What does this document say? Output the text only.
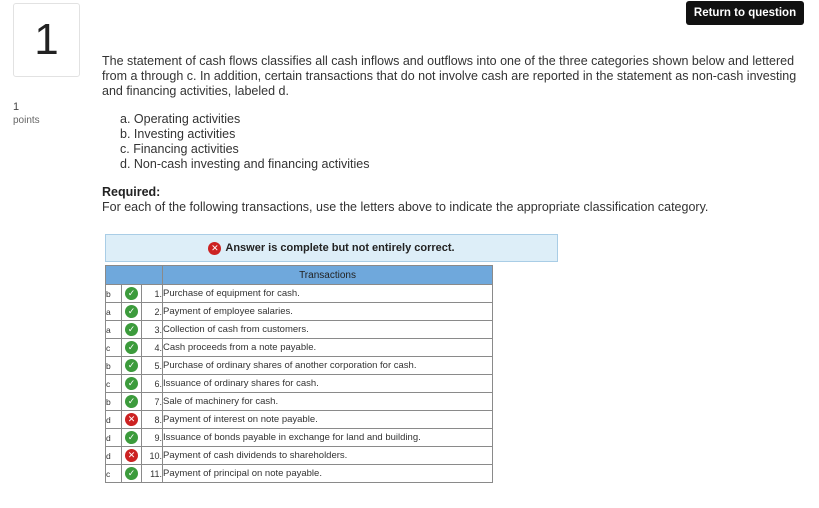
1
1
points
Return to question
The statement of cash flows classifies all cash inflows and outflows into one of the three categories shown below and lettered from a through c. In addition, certain transactions that do not involve cash are reported in the statement as non-cash investing and financing activities, labeled d.
a. Operating activities
b. Investing activities
c. Financing activities
d. Non-cash investing and financing activities
Required:
For each of the following transactions, use the letters above to indicate the appropriate classification category.
✕ Answer is complete but not entirely correct.
			Transactions
b	✓	1.	Purchase of equipment for cash.
a	✓	2.	Payment of employee salaries.
a	✓	3.	Collection of cash from customers.
c	✓	4.	Cash proceeds from a note payable.
b	✓	5.	Purchase of ordinary shares of another corporation for cash.
c	✓	6.	Issuance of ordinary shares for cash.
b	✓	7.	Sale of machinery for cash.
d	✕	8.	Payment of interest on note payable.
d	✓	9.	Issuance of bonds payable in exchange for land and building.
d	✕	10.	Payment of cash dividends to shareholders.
c	✓	11.	Payment of principal on note payable.
